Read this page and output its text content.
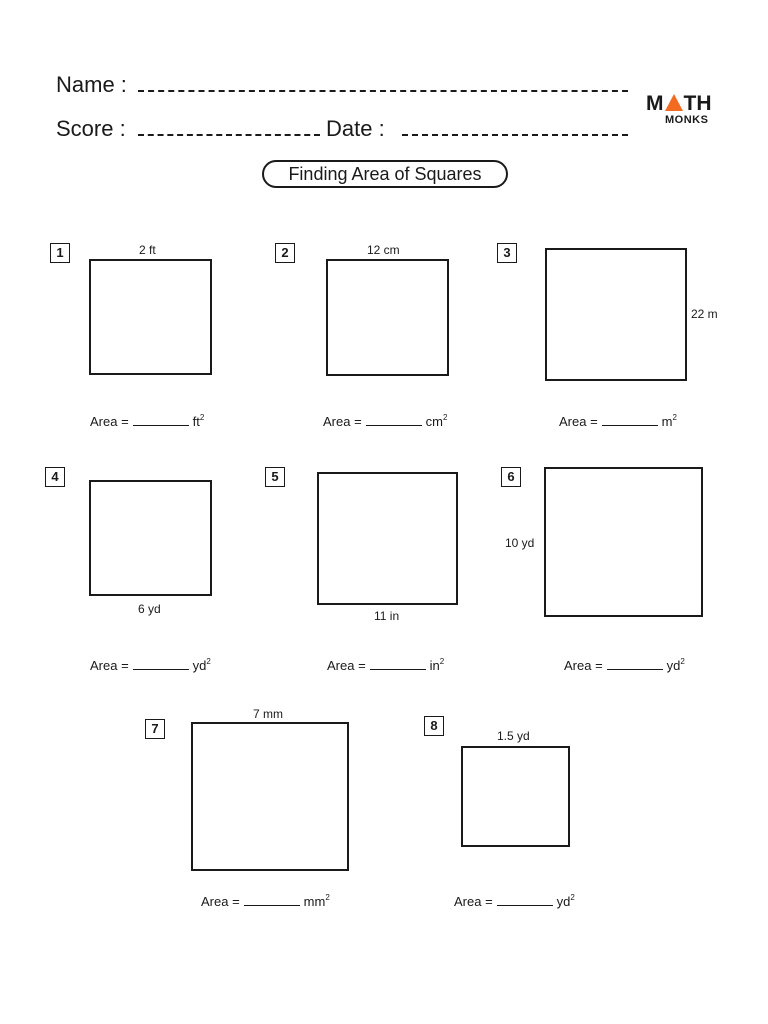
Name :
Score :	Date :
M TH
MONKS
Finding Area of Squares
1	2 ft
Area =	$ft^2$
2	12 cm
Area =	$cm^2$
3
22 m
Area =	$m^2$
4
6 yd
Area =	$yd^2$
5
11 in
Area =	$in^2$
6
10 yd
Area =	$yd^2$
7
7 mm
Area =	$mm^2$
8
1.5 yd
Area =	$yd^2$
